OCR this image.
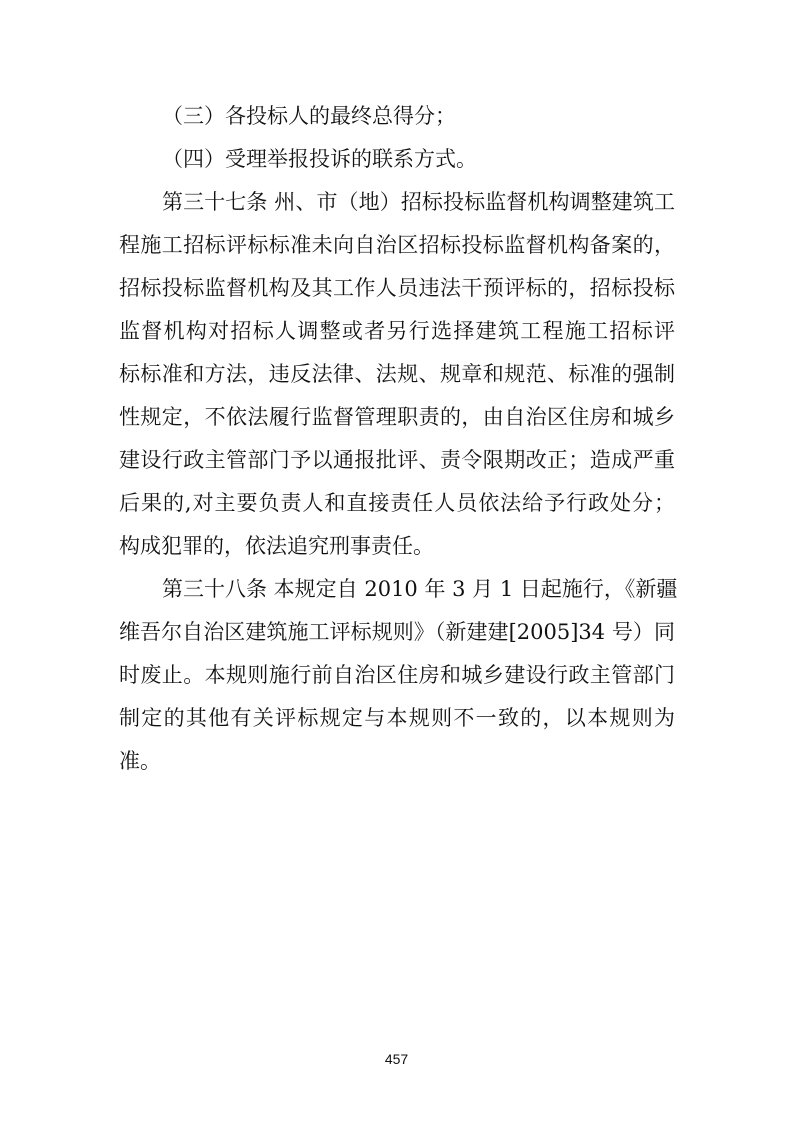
（三）各投标人的最终总得分；
（四）受理举报投诉的联系方式。
第三十七条 州、市（地）招标投标监督机构调整建筑工
程施工招标评标标准未向自治区招标投标监督机构备案的，
招标投标监督机构及其工作人员违法干预评标的，招标投标
监督机构对招标人调整或者另行选择建筑工程施工招标评
标标准和方法，违反法律、法规、规章和规范、标准的强制
性规定，不依法履行监督管理职责的，由自治区住房和城乡
建设行政主管部门予以通报批评、责令限期改正；造成严重
后果的,对主要负责人和直接责任人员依法给予行政处分；
构成犯罪的，依法追究刑事责任。
第三十八条 本规定自 2010 年 3 月 1 日起施行，《新疆
维吾尔自治区建筑施工评标规则》（新建建[2005]34 号）同
时废止。本规则施行前自治区住房和城乡建设行政主管部门
制定的其他有关评标规定与本规则不一致的，以本规则为
准。
457
